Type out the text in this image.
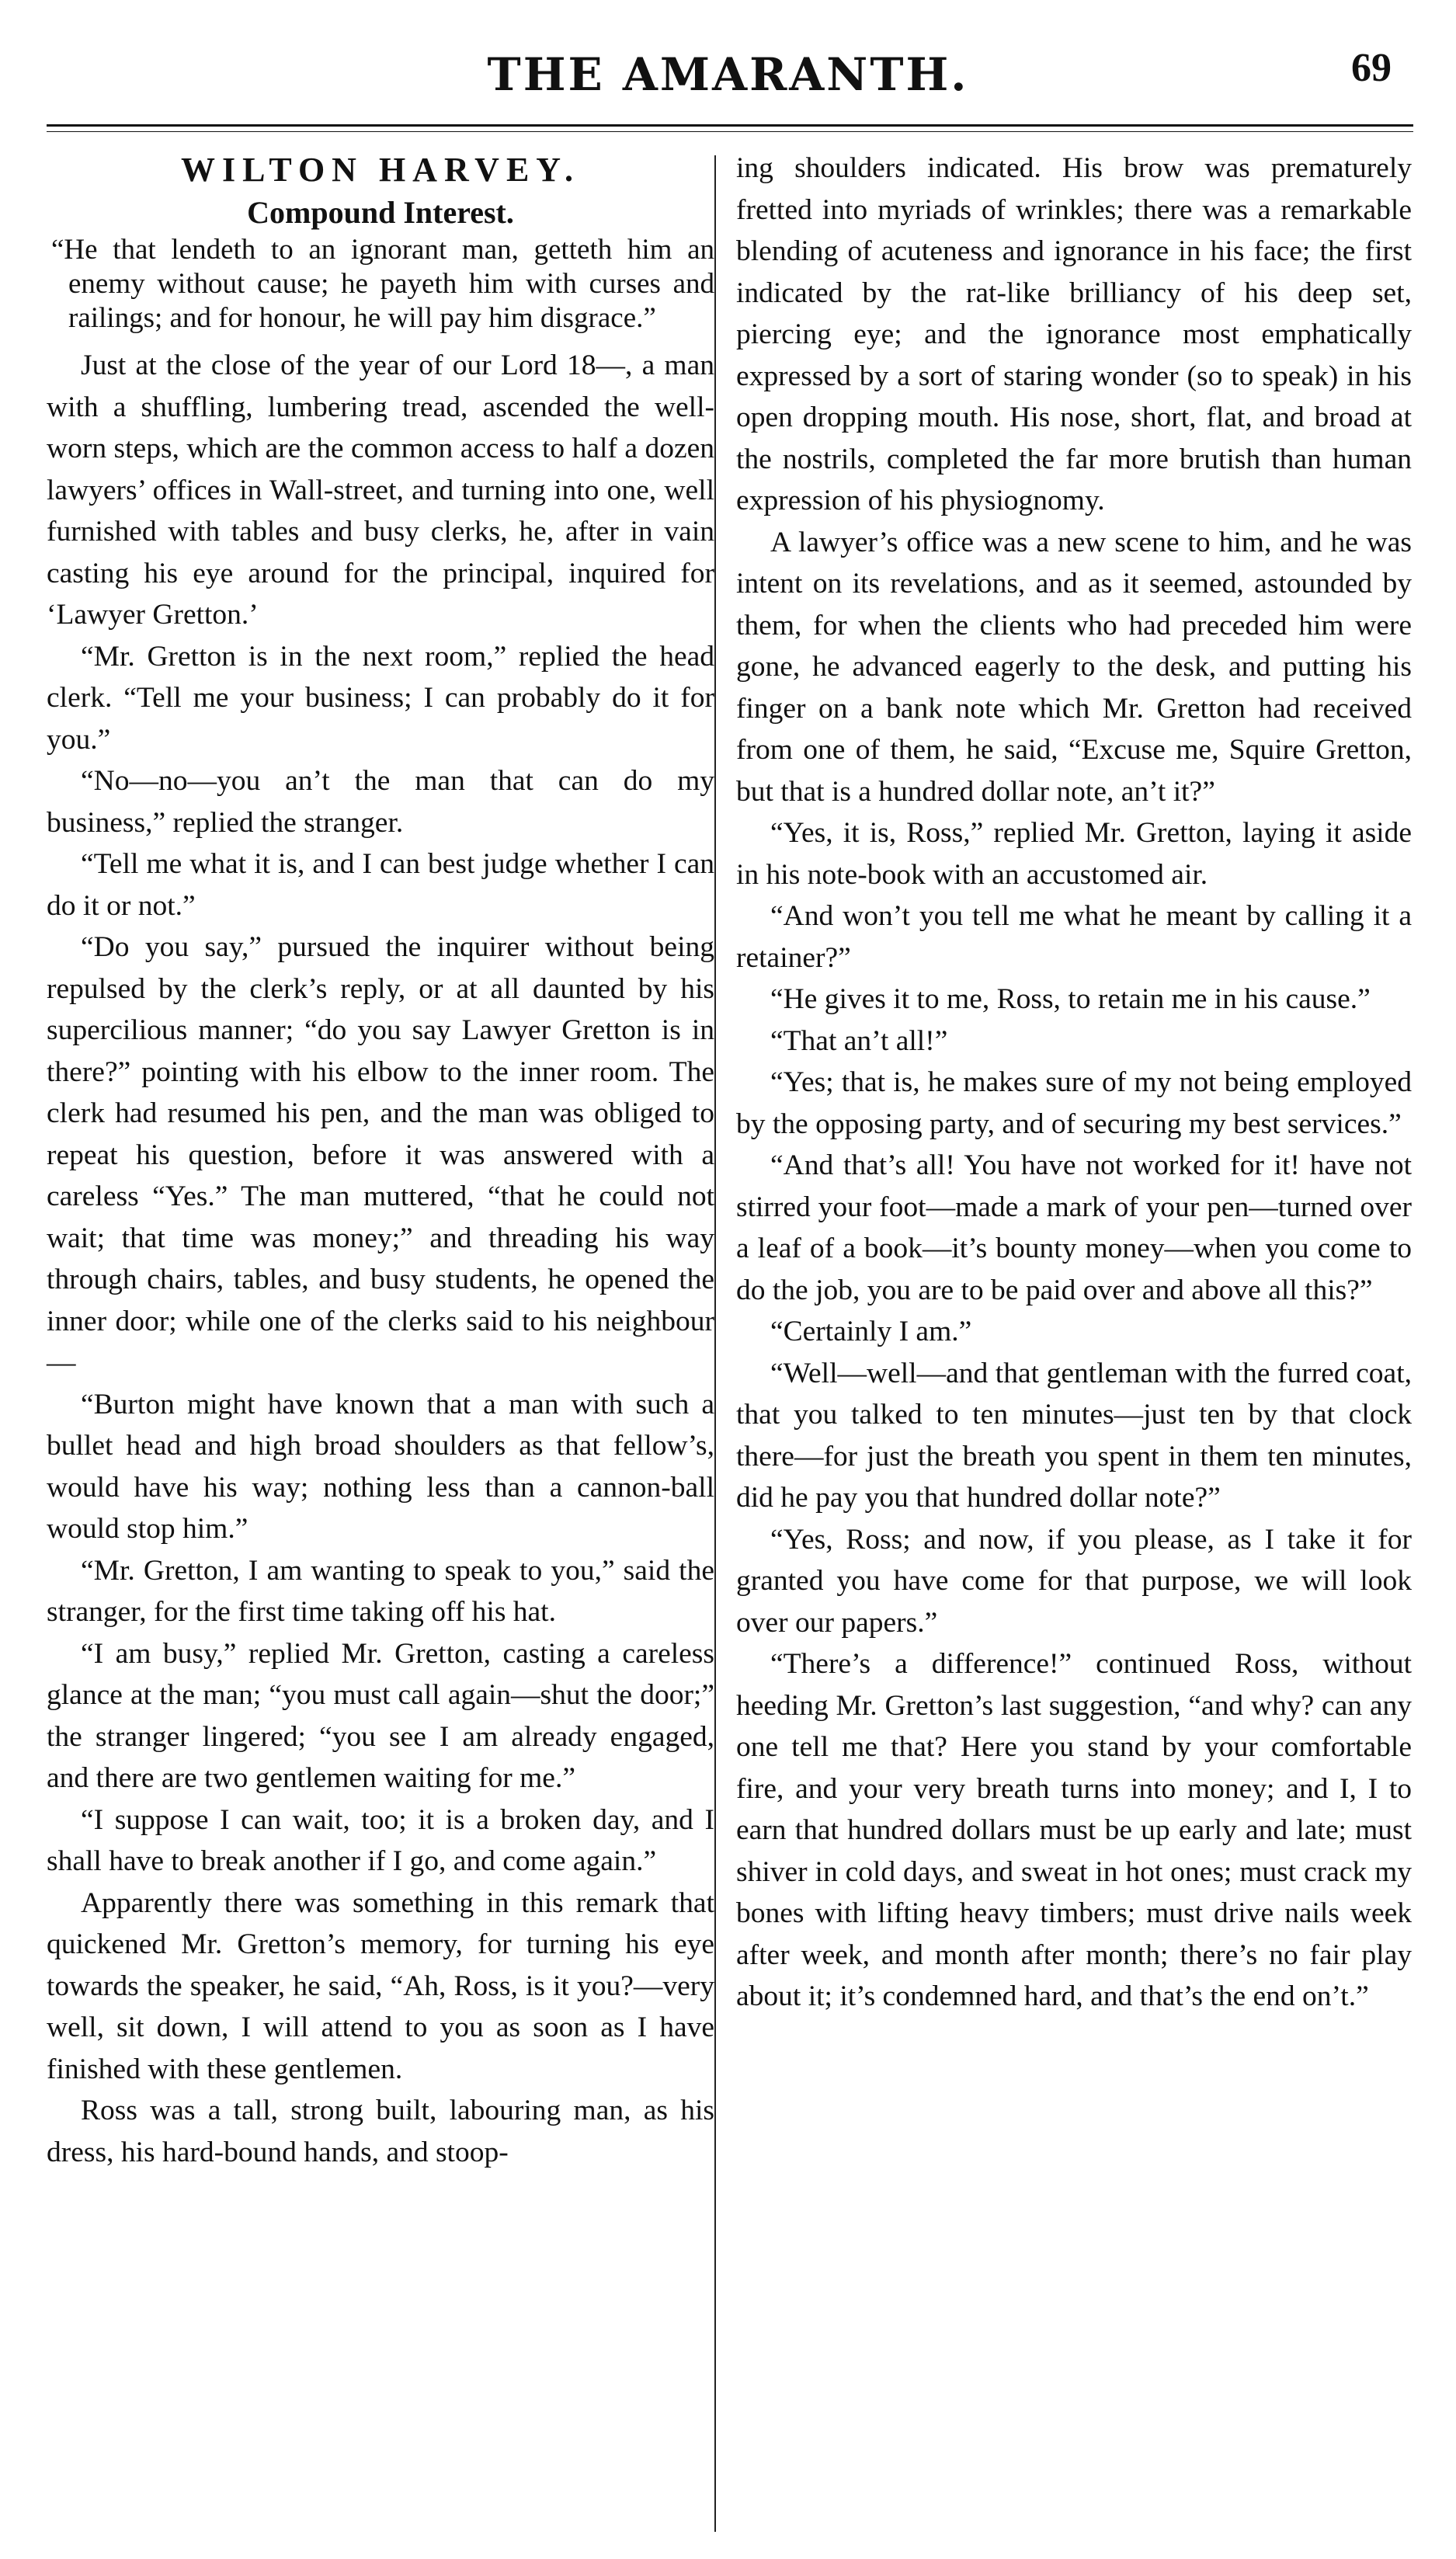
THE AMARANTH.	69

WILTON HARVEY.

Compound Interest.

“He that lendeth to an ignorant man, getteth him an enemy without cause; he payeth him with curses and railings; and for honour, he will pay him disgrace.”

Just at the close of the year of our Lord 18—, a man with a shuffling, lumbering tread, ascended the well-worn steps, which are the common access to half a dozen lawyers’ offices in Wall-street, and turning into one, well furnished with tables and busy clerks, he, after in vain casting his eye around for the principal, inquired for ‘Lawyer Gretton.’

“Mr. Gretton is in the next room,” replied the head clerk. “Tell me your business; I can probably do it for you.”

“No—no—you an’t the man that can do my business,” replied the stranger.

“Tell me what it is, and I can best judge whether I can do it or not.”

“Do you say,” pursued the inquirer without being repulsed by the clerk’s reply, or at all daunted by his supercilious manner; “do you say Lawyer Gretton is in there?” pointing with his elbow to the inner room. The clerk had resumed his pen, and the man was obliged to repeat his question, before it was answered with a careless “Yes.” The man muttered, “that he could not wait; that time was money;” and threading his way through chairs, tables, and busy students, he opened the inner door; while one of the clerks said to his neighbour—

“Burton might have known that a man with such a bullet head and high broad shoulders as that fellow’s, would have his way; nothing less than a cannon-ball would stop him.”

“Mr. Gretton, I am wanting to speak to you,” said the stranger, for the first time taking off his hat.

“I am busy,” replied Mr. Gretton, casting a careless glance at the man; “you must call again—shut the door;” the stranger lingered; “you see I am already engaged, and there are two gentlemen waiting for me.”

“I suppose I can wait, too; it is a broken day, and I shall have to break another if I go, and come again.”

Apparently there was something in this remark that quickened Mr. Gretton’s memory, for turning his eye towards the speaker, he said, “Ah, Ross, is it you?—very well, sit down, I will attend to you as soon as I have finished with these gentlemen.

Ross was a tall, strong built, labouring man, as his dress, his hard-bound hands, and stoop-

ing shoulders indicated. His brow was prematurely fretted into myriads of wrinkles; there was a remarkable blending of acuteness and ignorance in his face; the first indicated by the rat-like brilliancy of his deep set, piercing eye; and the ignorance most emphatically expressed by a sort of staring wonder (so to speak) in his open dropping mouth. His nose, short, flat, and broad at the nostrils, completed the far more brutish than human expression of his physiognomy.

A lawyer’s office was a new scene to him, and he was intent on its revelations, and as it seemed, astounded by them, for when the clients who had preceded him were gone, he advanced eagerly to the desk, and putting his finger on a bank note which Mr. Gretton had received from one of them, he said, “Excuse me, Squire Gretton, but that is a hundred dollar note, an’t it?”

“Yes, it is, Ross,” replied Mr. Gretton, laying it aside in his note-book with an accustomed air.

“And won’t you tell me what he meant by calling it a retainer?”

“He gives it to me, Ross, to retain me in his cause.”

“That an’t all!”

“Yes; that is, he makes sure of my not being employed by the opposing party, and of securing my best services.”

“And that’s all! You have not worked for it! have not stirred your foot—made a mark of your pen—turned over a leaf of a book—it’s bounty money—when you come to do the job, you are to be paid over and above all this?”

“Certainly I am.”

“Well—well—and that gentleman with the furred coat, that you talked to ten minutes—just ten by that clock there—for just the breath you spent in them ten minutes, did he pay you that hundred dollar note?”

“Yes, Ross; and now, if you please, as I take it for granted you have come for that purpose, we will look over our papers.”

“There’s a difference!” continued Ross, without heeding Mr. Gretton’s last suggestion, “and why? can any one tell me that? Here you stand by your comfortable fire, and your very breath turns into money; and I, I to earn that hundred dollars must be up early and late; must shiver in cold days, and sweat in hot ones; must crack my bones with lifting heavy timbers; must drive nails week after week, and month after month; there’s no fair play about it; it’s condemned hard, and that’s the end on’t.”
